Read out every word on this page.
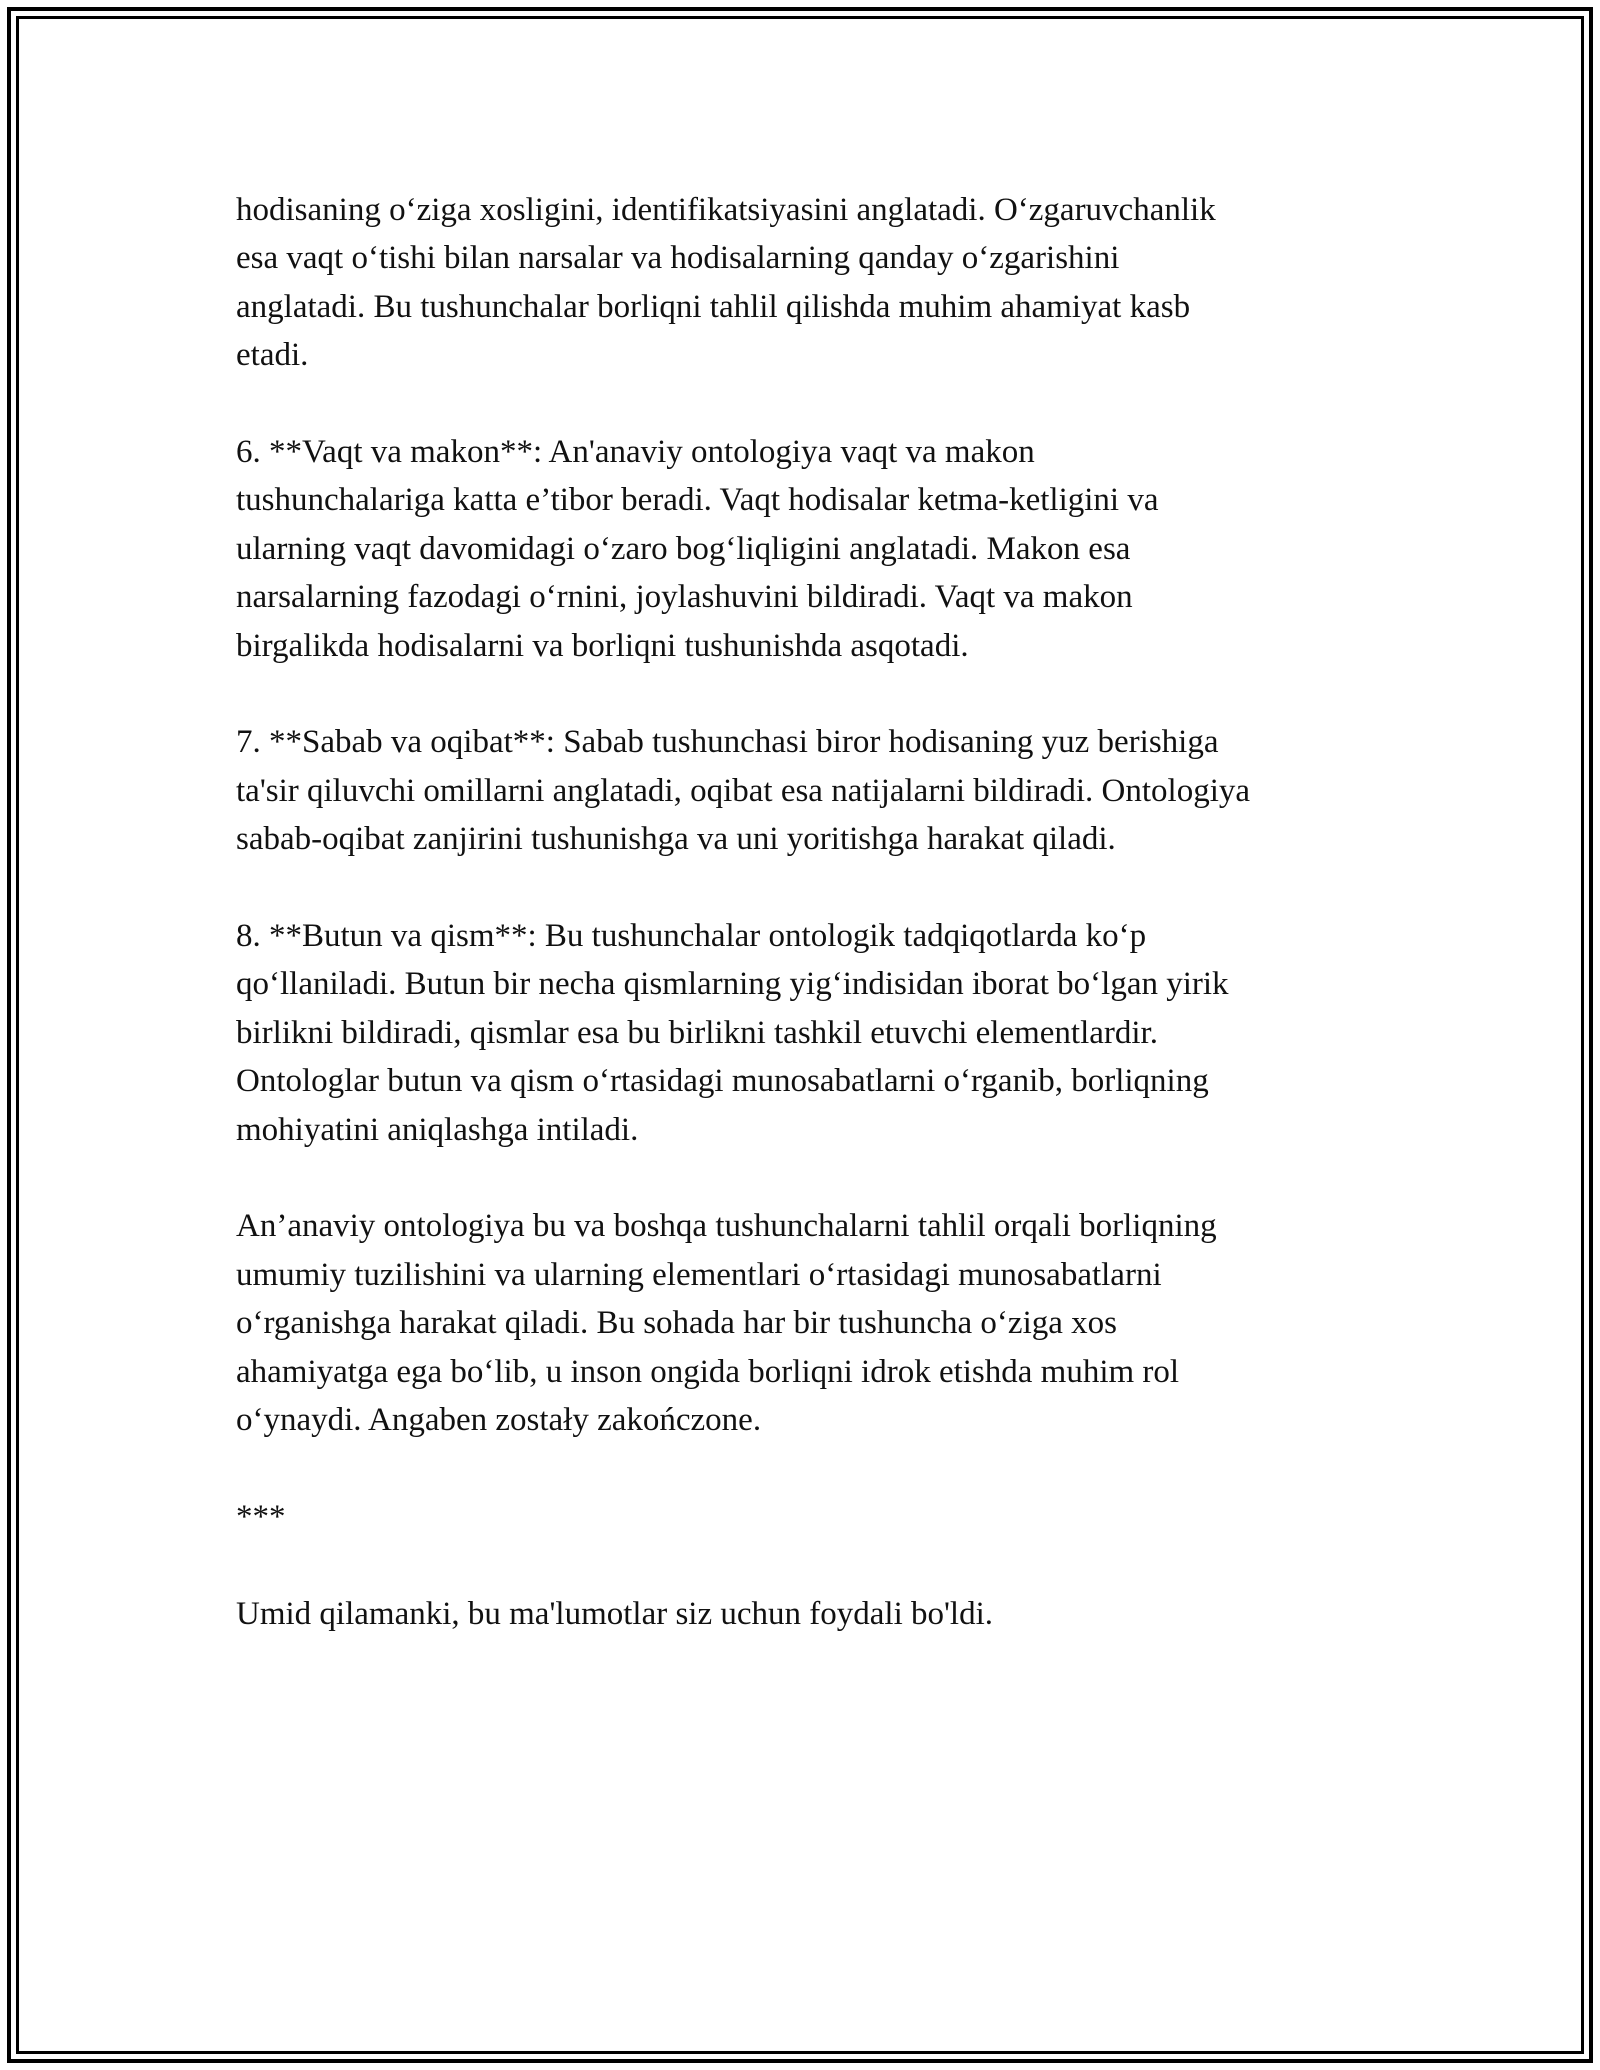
hodisaning o‘ziga xosligini, identifikatsiyasini anglatadi. O‘zgaruvchanlik
esa vaqt o‘tishi bilan narsalar va hodisalarning qanday o‘zgarishini
anglatadi. Bu tushunchalar borliqni tahlil qilishda muhim ahamiyat kasb
etadi.

6. **Vaqt va makon**: An'anaviy ontologiya vaqt va makon
tushunchalariga katta e’tibor beradi. Vaqt hodisalar ketma-ketligini va
ularning vaqt davomidagi o‘zaro bog‘liqligini anglatadi. Makon esa
narsalarning fazodagi o‘rnini, joylashuvini bildiradi. Vaqt va makon
birgalikda hodisalarni va borliqni tushunishda asqotadi.

7. **Sabab va oqibat**: Sabab tushunchasi biror hodisaning yuz berishiga
ta'sir qiluvchi omillarni anglatadi, oqibat esa natijalarni bildiradi. Ontologiya
sabab-oqibat zanjirini tushunishga va uni yoritishga harakat qiladi.

8. **Butun va qism**: Bu tushunchalar ontologik tadqiqotlarda ko‘p
qo‘llaniladi. Butun bir necha qismlarning yig‘indisidan iborat bo‘lgan yirik
birlikni bildiradi, qismlar esa bu birlikni tashkil etuvchi elementlardir.
Ontologlar butun va qism o‘rtasidagi munosabatlarni o‘rganib, borliqning
mohiyatini aniqlashga intiladi.

An’anaviy ontologiya bu va boshqa tushunchalarni tahlil orqali borliqning
umumiy tuzilishini va ularning elementlari o‘rtasidagi munosabatlarni
o‘rganishga harakat qiladi. Bu sohada har bir tushuncha o‘ziga xos
ahamiyatga ega bo‘lib, u inson ongida borliqni idrok etishda muhim rol
o‘ynaydi. Angaben zostały zakończone.

***

Umid qilamanki, bu ma'lumotlar siz uchun foydali bo'ldi.
